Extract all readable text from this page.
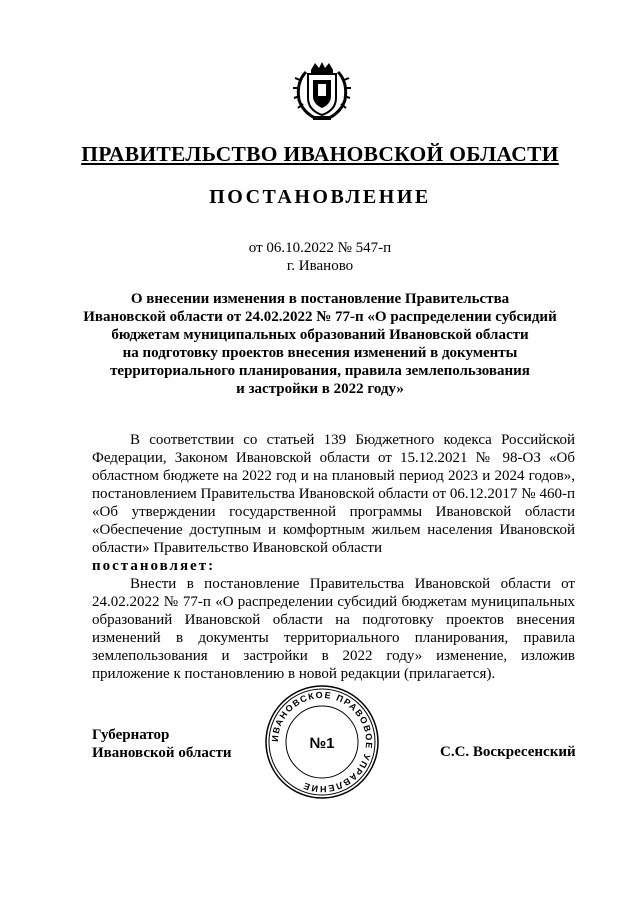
ПРАВИТЕЛЬСТВО ИВАНОВСКОЙ ОБЛАСТИ
ПОСТАНОВЛЕНИЕ
от 06.10.2022 № 547-п
г. Иваново
О внесении изменения в постановление Правительства
Ивановской области от 24.02.2022 № 77-п «О распределении субсидий
бюджетам муниципальных образований Ивановской области
на подготовку проектов внесения изменений в документы
территориального планирования, правила землепользования
и застройки в 2022 году»
В соответствии со статьей 139 Бюджетного кодекса Российской Федерации, Законом Ивановской области от 15.12.2021 № 98-ОЗ «Об областном бюджете на 2022 год и на плановый период 2023 и 2024 годов», постановлением Правительства Ивановской области от 06.12.2017 № 460-п «Об утверждении государственной программы Ивановской области «Обеспечение доступным и комфортным жильем населения Ивановской области» Правительство Ивановской области
постановляет:
Внести в постановление Правительства Ивановской области от 24.02.2022 № 77-п «О распределении субсидий бюджетам муниципальных образований Ивановской области на подготовку проектов внесения изменений в документы территориального планирования, правила землепользования и застройки в 2022 году» изменение, изложив приложение к постановлению в новой редакции (прилагается).
Губернатор
Ивановской области
ИВАНОВСКОЕ ПРАВОВОЕ УПРАВЛЕНИЕ
№1	С.С. Воскресенский
